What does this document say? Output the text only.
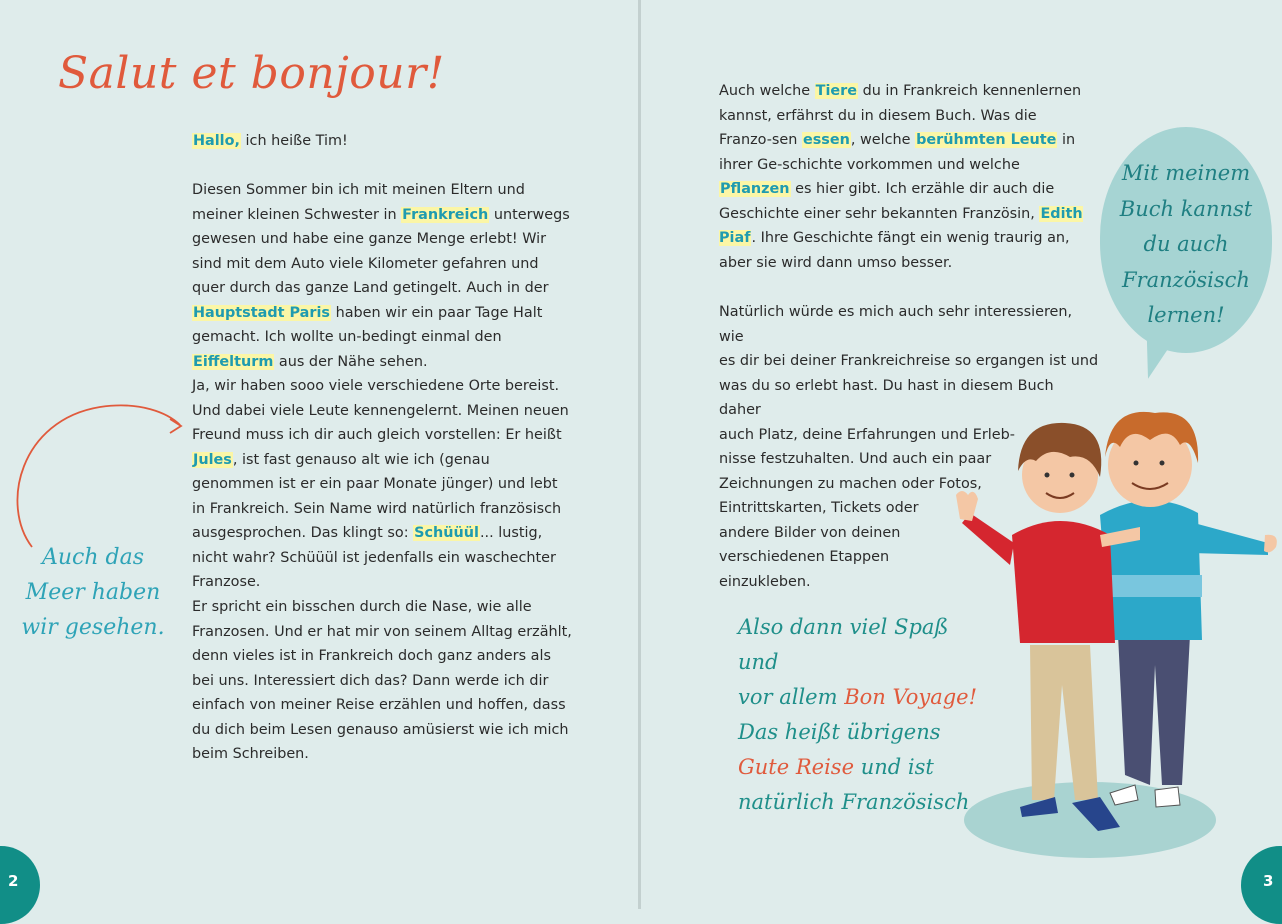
Salut et bonjour!

Hallo, ich heiße Tim!

Diesen Sommer bin ich mit meinen Eltern und meiner kleinen Schwester in Frankreich unterwegs gewesen und habe eine ganze Menge erlebt! Wir sind mit dem Auto viele Kilometer gefahren und quer durch das ganze Land getingelt. Auch in der Hauptstadt Paris haben wir ein paar Tage Halt gemacht. Ich wollte un-bedingt einmal den Eiffelturm aus der Nähe sehen.

Ja, wir haben sooo viele verschiedene Orte bereist. Und dabei viele Leute kennengelernt. Meinen neuen Freund muss ich dir auch gleich vorstellen: Er heißt Jules, ist fast genauso alt wie ich (genau genommen ist er ein paar Monate jünger) und lebt in Frankreich. Sein Name wird natürlich französisch ausgesprochen. Das klingt so: Schüüül... lustig, nicht wahr? Schüüül ist jedenfalls ein waschechter Franzose.

Er spricht ein bisschen durch die Nase, wie alle Franzosen. Und er hat mir von seinem Alltag erzählt, denn vieles ist in Frankreich doch ganz anders als bei uns. Interessiert dich das? Dann werde ich dir einfach von meiner Reise erzählen und hoffen, dass du dich beim Lesen genauso amüsierst wie ich mich beim Schreiben.

Auch das
Meer haben
wir gesehen.
2

Auch welche Tiere du in Frankreich kennenlernen kannst, erfährst du in diesem Buch. Was die Franzo-sen essen, welche berühmten Leute in ihrer Ge-schichte vorkommen und welche Pflanzen es hier gibt. Ich erzähle dir auch die Geschichte einer sehr bekannten Französin, Edith Piaf. Ihre Geschichte fängt ein wenig traurig an, aber sie wird dann umso besser.

Natürlich würde es mich auch sehr interessieren, wie
es dir bei deiner Frankreichreise so ergangen ist und
was du so erlebt hast. Du hast in diesem Buch daher
auch Platz, deine Erfahrungen und Erleb-
nisse festzuhalten. Und auch ein paar
Zeichnungen zu machen oder Fotos,
Eintrittskarten, Tickets oder
andere Bilder von deinen
verschiedenen Etappen
einzukleben.
Mit meinem
Buch kannst
du auch
Französisch
lernen!
Also dann viel Spaß und
vor allem Bon Voyage!
Das heißt übrigens
Gute Reise und ist
natürlich Französisch.
3
